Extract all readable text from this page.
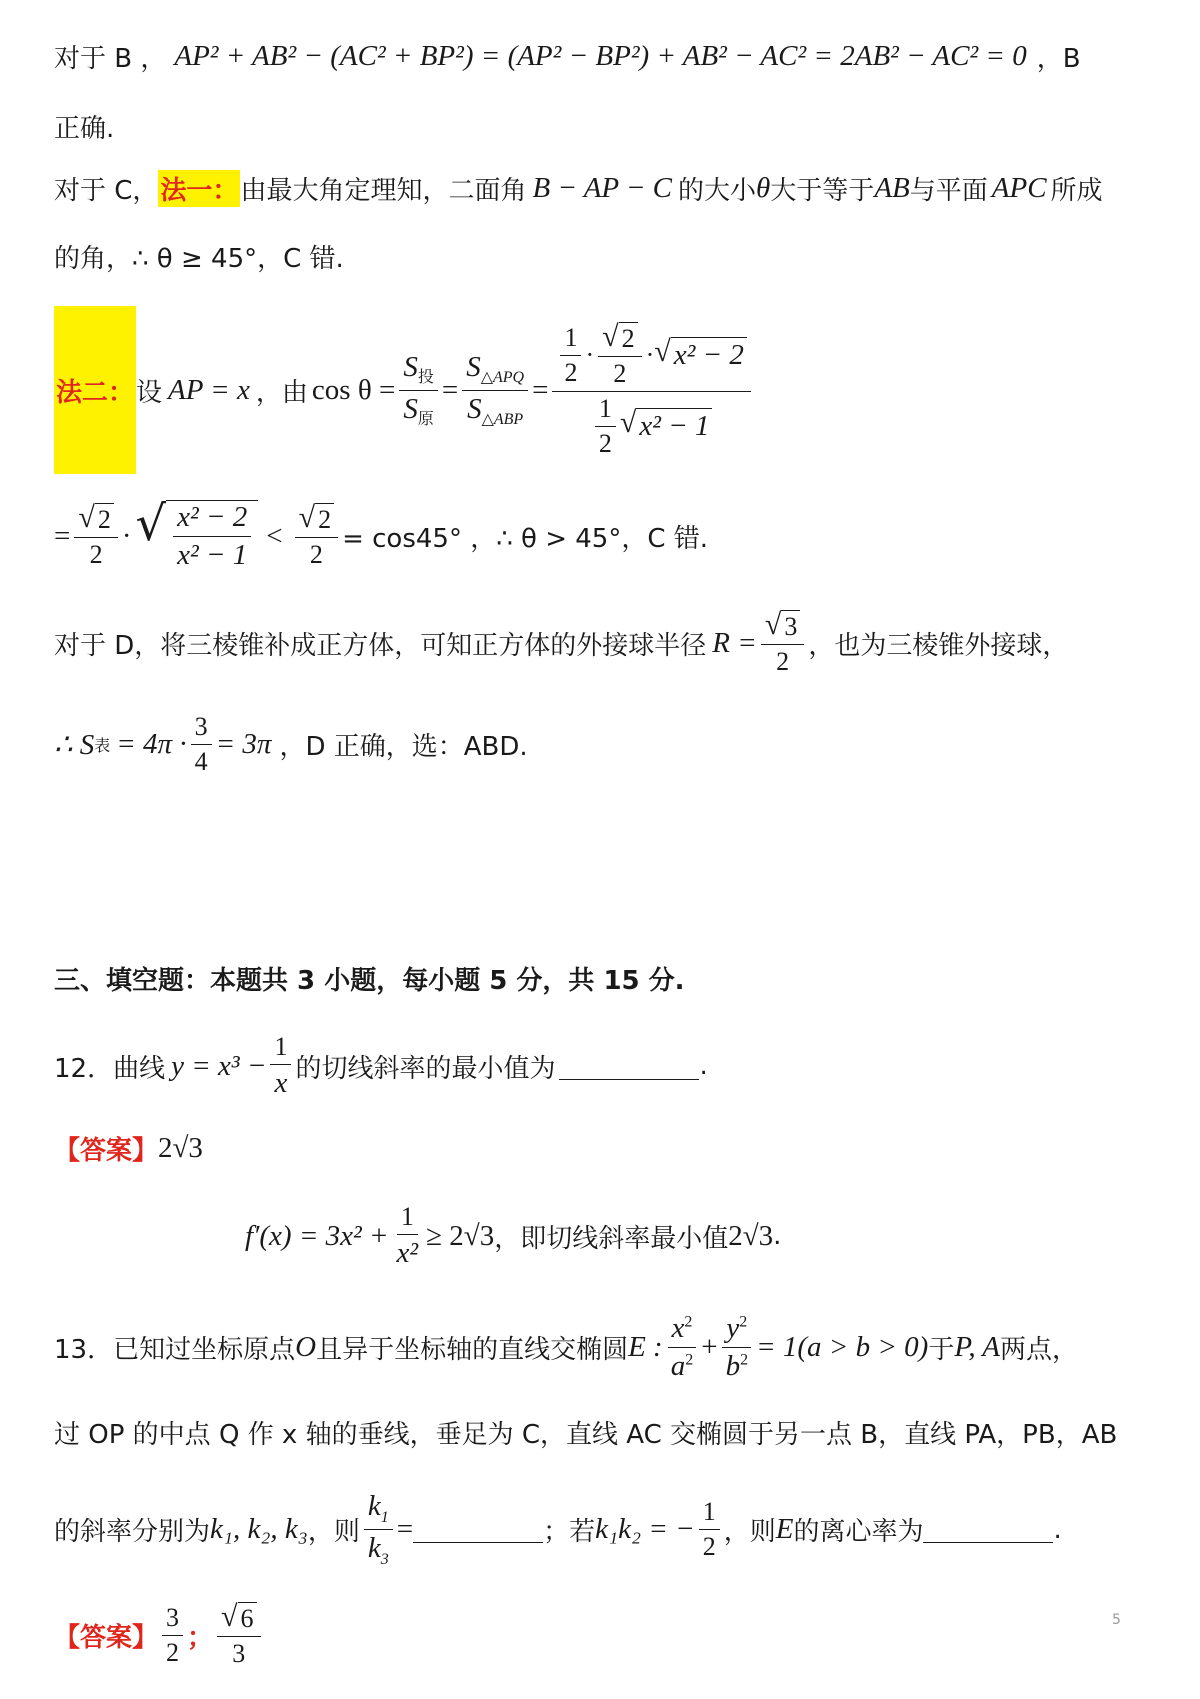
对于 B ， AP² + AB² − (AC² + BP²) = (AP² − BP²) + AB² − AC² = 2AB² − AC² = 0 ，B
正确.
对于 C， 法一： 由最大角定理知，二面角 B − AP − C 的大小 θ 大于等于 AB 与平面 APC 所成
的角，∴ θ ≥ 45°，C 错.
法二： 设 AP = x ，由 $\cos \theta = \frac{S_投}{S_原} = \frac{S_{\triangle APQ}}{S_{\triangle ABP}} = \frac{\frac{1}{2} \cdot \frac{√ 2}{2} \cdot √ x^2 - 2}{\frac{1}{2} √ x^2 - 1}$
= $\frac{√ 2}{2}$ · √ $\frac{\text{x² − 2}}{\text{x² − 1}} < \frac{√ 2}{2} = \cos 45^\circ$ ，∴ θ > 45°，C 错.
对于 D，将三棱锥补成正方体，可知正方体的外接球半径 $R = \frac{√ 3}{2}$ ，也为三棱锥外接球，
∴ S 表 = $4\pi \cdot \frac{3}{4} = 3\pi$ ，D 正确，选：ABD.
三、填空题：本题共 3 小题，每小题 5 分，共 15 分.
12． 曲线 $y = x^3 - \frac{1}{x}$ 的切线斜率的最小值为	.
【答案】 2√3
$f'(x) = 3x^2 + \frac{1}{\text{x²}} \ge 2√3$ ，即切线斜率最小值 2√3 .
13． 已知过坐标原点 O 且异于坐标轴的直线交椭圆 E : $\frac{x^2}{a^2} + \frac{y^2}{b^2} = 1(a > b > 0)$ 于 P, A 两点，
过 OP 的中点 Q 作 x 轴的垂线，垂足为 C，直线 AC 交椭圆于另一点 B，直线 PA，PB，AB
的斜率分别为 k₁, k₂, k₃ ，则 $\frac{k_1}{k_3}$ =	；若 k₁k₂ = − $\frac{1}{2}$ ，则 E 的离心率为	.
【答案】 $\frac{3}{2}$ ； $\frac{√ 6}{3}$	5
